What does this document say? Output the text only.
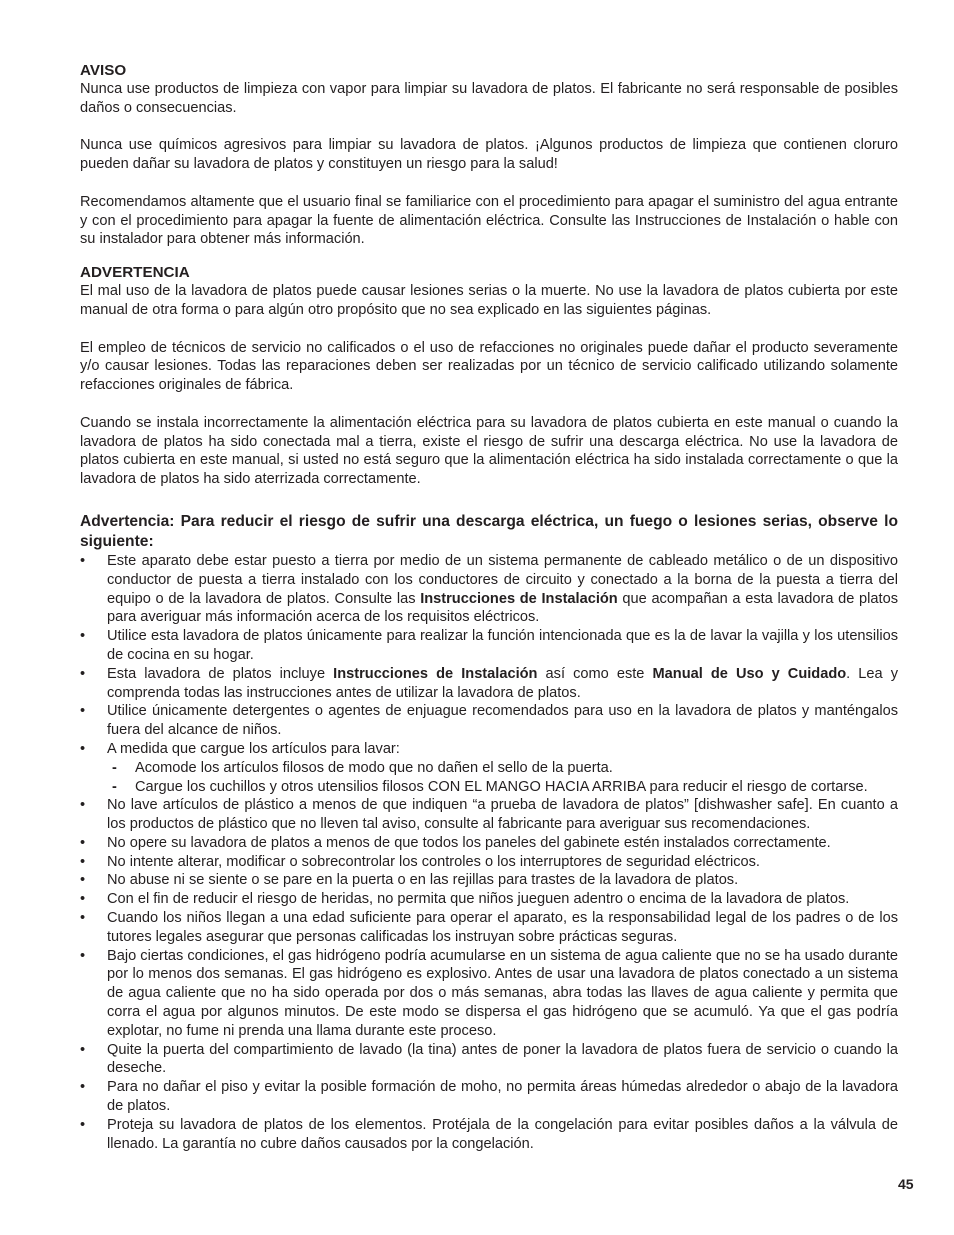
AVISO

Nunca use productos de limpieza con vapor para limpiar su lavadora de platos. El fabricante no será responsable de posibles daños o consecuencias.

Nunca use químicos agresivos para limpiar su lavadora de platos. ¡Algunos productos de limpieza que contienen cloruro pueden dañar su lavadora de platos y constituyen un riesgo para la salud!

Recomendamos altamente que el usuario final se familiarice con el procedimiento para apagar el suministro del agua entrante y con el procedimiento para apagar la fuente de alimentación eléctrica. Consulte las Instrucciones de Instalación o hable con su instalador para obtener más información.

ADVERTENCIA

El mal uso de la lavadora de platos puede causar lesiones serias o la muerte. No use la lavadora de platos cubierta por este manual de otra forma o para algún otro propósito que no sea explicado en las siguientes páginas.

El empleo de técnicos de servicio no calificados o el uso de refacciones no originales puede dañar el producto severamente y/o causar lesiones. Todas las reparaciones deben ser realizadas por un técnico de servicio calificado utilizando solamente refacciones originales de fábrica.

Cuando se instala incorrectamente la alimentación eléctrica para su lavadora de platos cubierta en este manual o cuando la lavadora de platos ha sido conectada mal a tierra, existe el riesgo de sufrir una descarga eléctrica. No use la lavadora de platos cubierta en este manual, si usted no está seguro que la alimentación eléctrica ha sido instalada correctamente o que la lavadora de platos ha sido aterrizada correctamente.

Advertencia: Para reducir el riesgo de sufrir una descarga eléctrica, un fuego o lesiones serias, observe lo siguiente:

•	Este aparato debe estar puesto a tierra por medio de un sistema permanente de cableado metálico o de un dispositivo conductor de puesta a tierra instalado con los conductores de circuito y conectado a la borna de la puesta a tierra del equipo o de la lavadora de platos. Consulte las Instrucciones de Instalación que acompañan a esta lavadora de platos para averiguar más información acerca de los requisitos eléctricos.
•	Utilice esta lavadora de platos únicamente para realizar la función intencionada que es la de lavar la vajilla y los utensilios de cocina en su hogar.
•	Esta lavadora de platos incluye Instrucciones de Instalación así como este Manual de Uso y Cuidado. Lea y comprenda todas las instrucciones antes de utilizar la lavadora de platos.
•	Utilice únicamente detergentes o agentes de enjuague recomendados para uso en la lavadora de platos y manténgalos fuera del alcance de niños.
•	A medida que cargue los artículos para lavar:
- Acomode los artículos filosos de modo que no dañen el sello de la puerta.
- Cargue los cuchillos y otros utensilios filosos CON EL MANGO HACIA ARRIBA para reducir el riesgo de cortarse.
•	No lave artículos de plástico a menos de que indiquen “a prueba de lavadora de platos” [dishwasher safe]. En cuanto a los productos de plástico que no lleven tal aviso, consulte al fabricante para averiguar sus recomendaciones.
•	No opere su lavadora de platos a menos de que todos los paneles del gabinete estén instalados correctamente.
•	No intente alterar, modificar o sobrecontrolar los controles o los interruptores de seguridad eléctricos.
•	No abuse ni se siente o se pare en la puerta o en las rejillas para trastes de la lavadora de platos.
•	Con el fin de reducir el riesgo de heridas, no permita que niños jueguen adentro o encima de la lavadora de platos.
•	Cuando los niños llegan a una edad suficiente para operar el aparato, es la responsabilidad legal de los padres o de los tutores legales asegurar que personas calificadas los instruyan sobre prácticas seguras.
•	Bajo ciertas condiciones, el gas hidrógeno podría acumularse en un sistema de agua caliente que no se ha usado durante por lo menos dos semanas. El gas hidrógeno es explosivo. Antes de usar una lavadora de platos conectado a un sistema de agua caliente que no ha sido operada por dos o más semanas, abra todas las llaves de agua caliente y permita que corra el agua por algunos minutos. De este modo se dispersa el gas hidrógeno que se acumuló. Ya que el gas podría explotar, no fume ni prenda una llama durante este proceso.
•	Quite la puerta del compartimiento de lavado (la tina) antes de poner la lavadora de platos fuera de servicio o cuando la deseche.
•	Para no dañar el piso y evitar la posible formación de moho, no permita áreas húmedas alrededor o abajo de la lavadora de platos.
•	Proteja su lavadora de platos de los elementos. Protéjala de la congelación para evitar posibles daños a la válvula de llenado. La garantía no cubre daños causados por la congelación.
45
